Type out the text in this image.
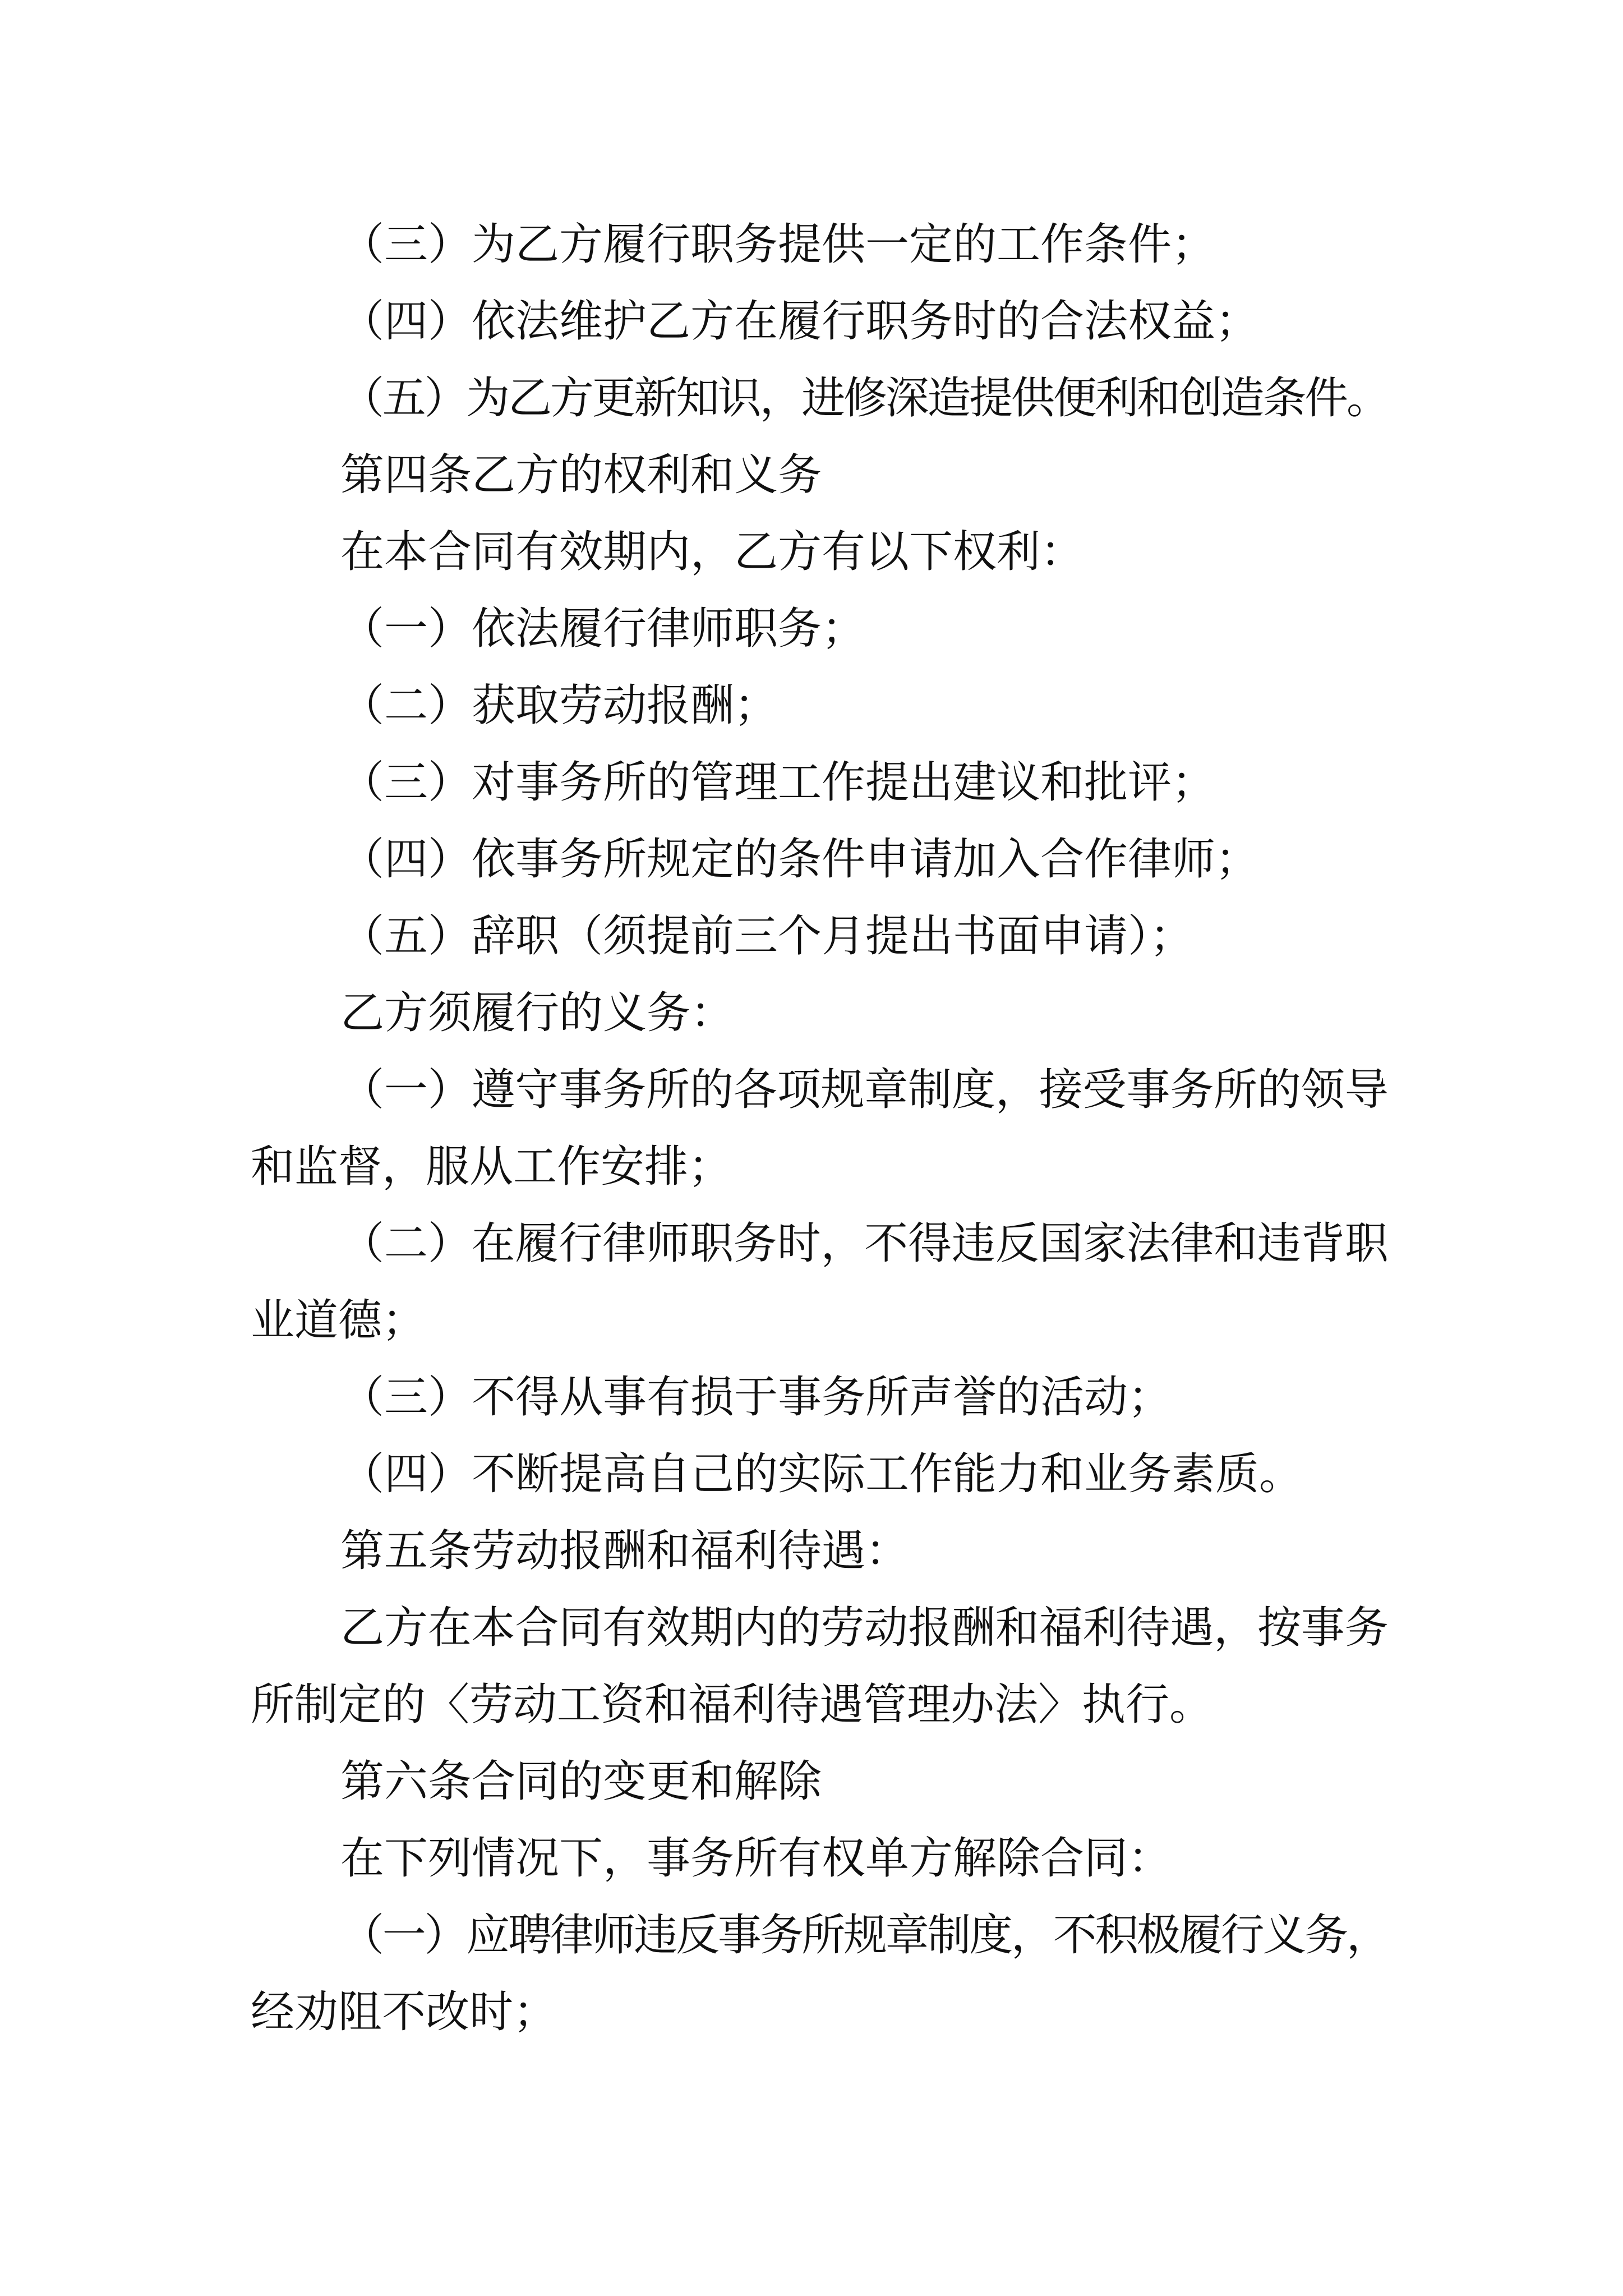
（三）为乙方履行职务提供一定的工作条件；
（四）依法维护乙方在履行职务时的合法权益；
（五）为乙方更新知识，进修深造提供便利和创造条件。
第四条乙方的权利和义务
在本合同有效期内，乙方有以下权利：
（一）依法履行律师职务；
（二）获取劳动报酬；
（三）对事务所的管理工作提出建议和批评；
（四）依事务所规定的条件申请加入合作律师；
（五）辞职（须提前三个月提出书面申请）；
乙方须履行的义务：
（一）遵守事务所的各项规章制度，接受事务所的领导
和监督，服从工作安排；
（二）在履行律师职务时，不得违反国家法律和违背职
业道德；
（三）不得从事有损于事务所声誉的活动；
（四）不断提高自己的实际工作能力和业务素质。
第五条劳动报酬和福利待遇：
乙方在本合同有效期内的劳动报酬和福利待遇，按事务
所制定的〈劳动工资和福利待遇管理办法〉执行。
第六条合同的变更和解除
在下列情况下，事务所有权单方解除合同：
（一）应聘律师违反事务所规章制度，不积极履行义务，
经劝阻不改时；
